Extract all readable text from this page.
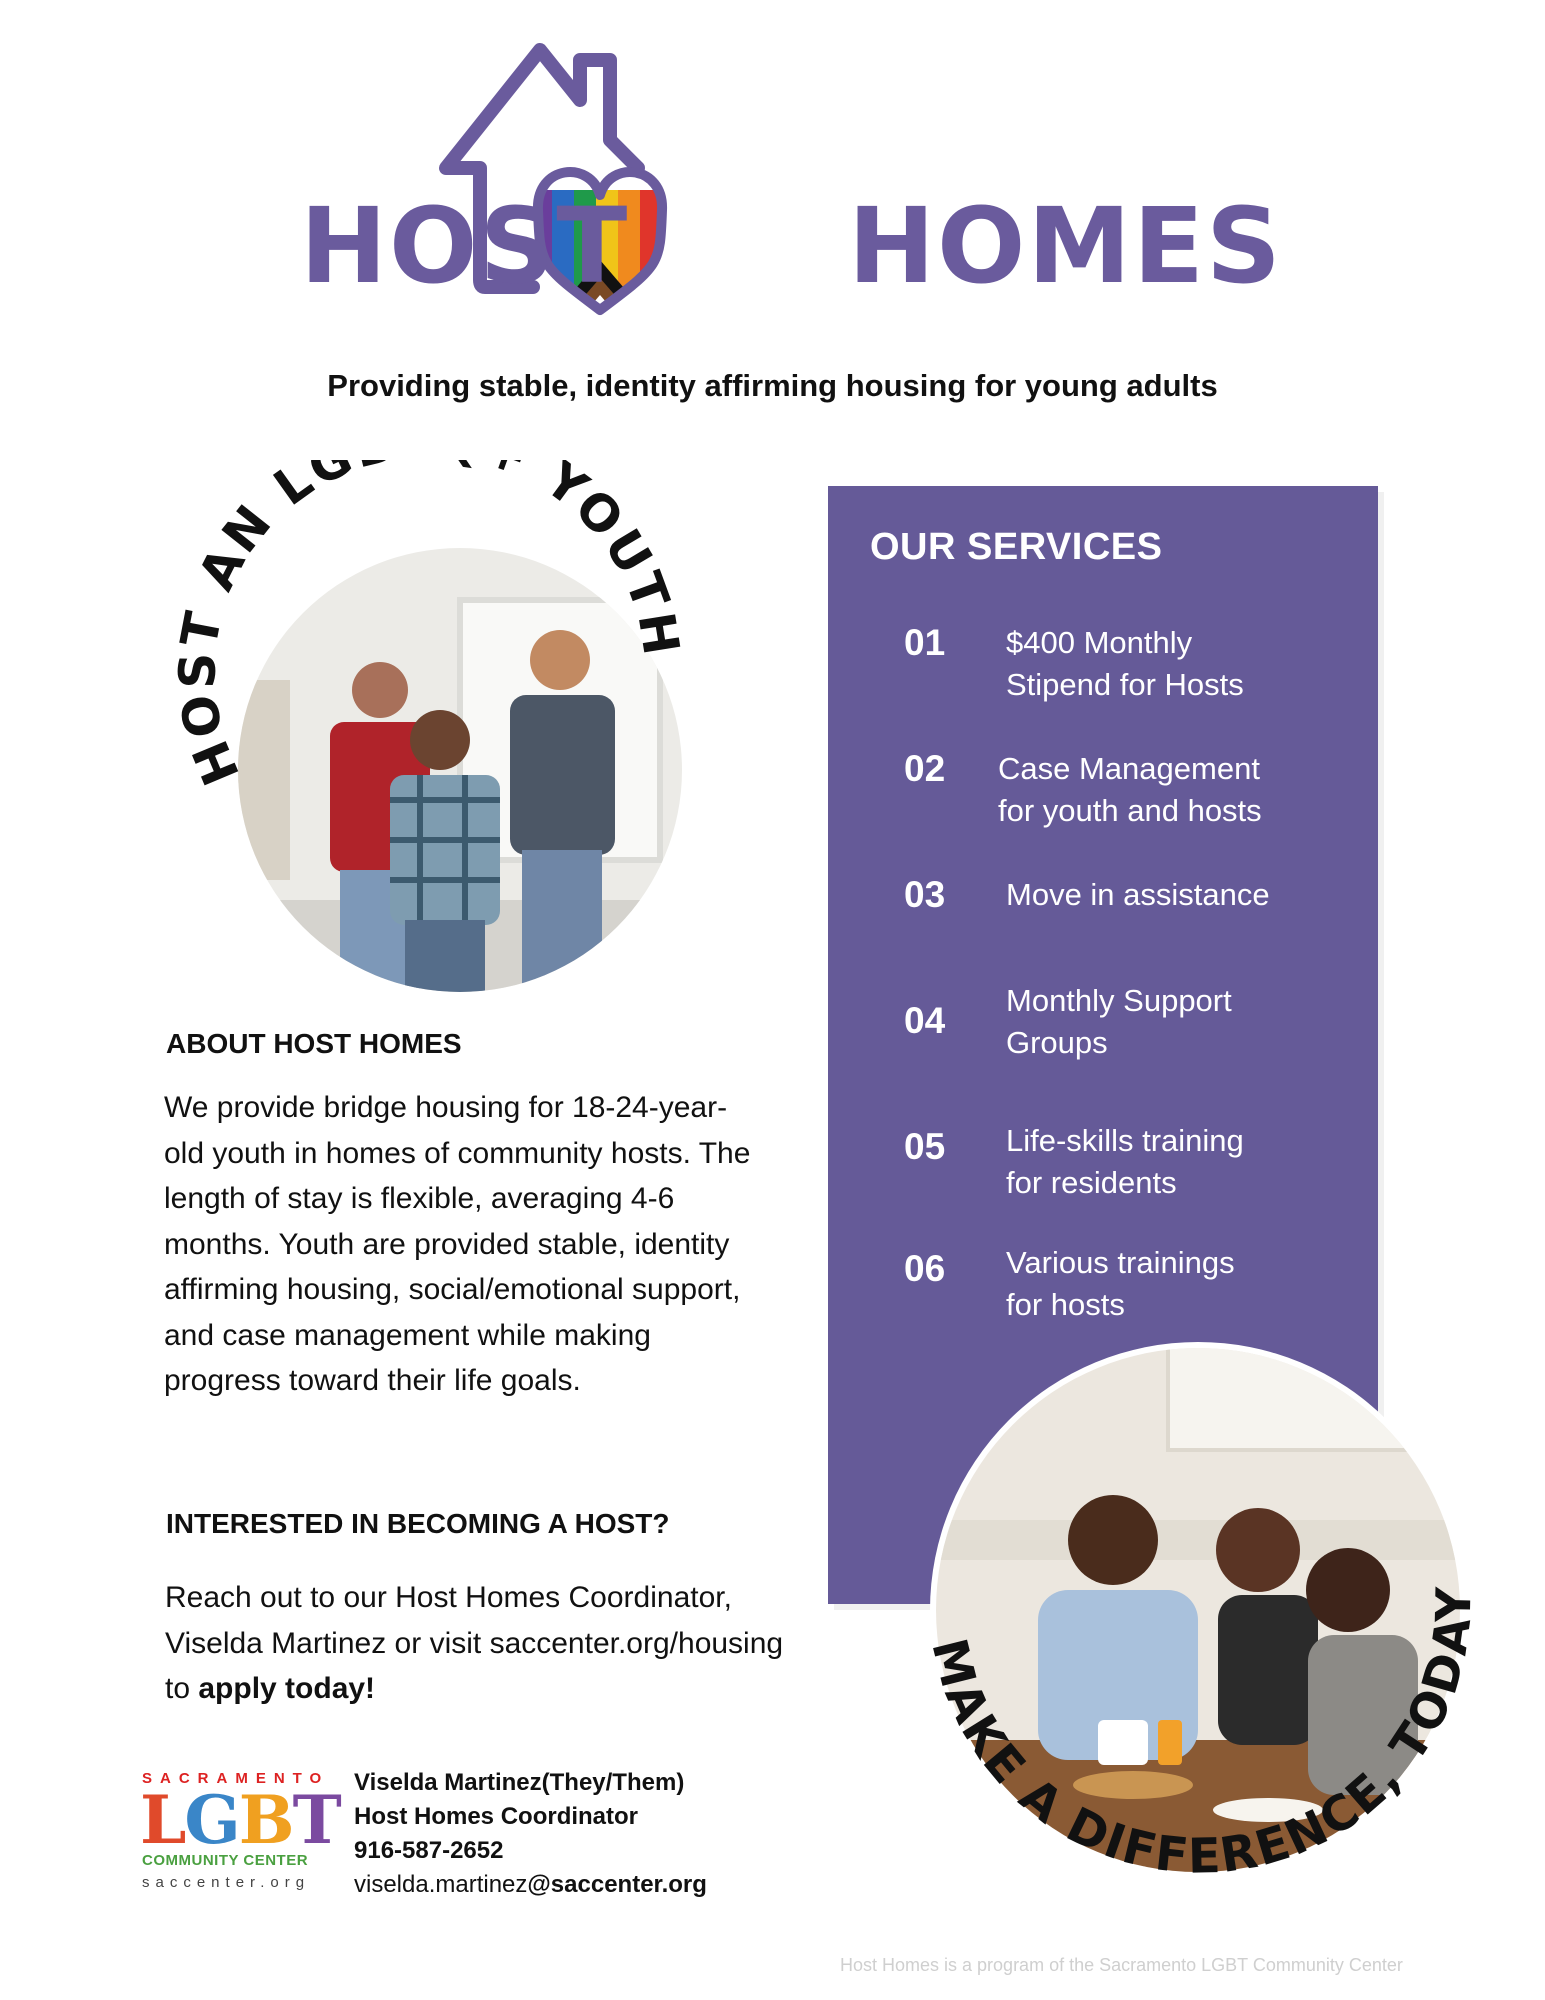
HOST HOMES
Providing stable, identity affirming housing for young adults
HOST AN LG YOUTH
OUR SERVICES
01 $400 Monthly
Stipend for Hosts
02 Case Management
for youth and hosts
03 Move in assistance
04 Monthly Support
Groups
05 Life-skills training
for residents
06 Various trainings
for hosts
ABOUT HOST HOMES
We provide bridge housing for 18-24-year-old youth in homes of community hosts. The length of stay is flexible, averaging 4-6 months. Youth are provided stable, identity affirming housing, social/emotional support, and case management while making progress toward their life goals.
INTERESTED IN BECOMING A HOST?
Reach out to our Host Homes Coordinator, Viselda Martinez or visit saccenter.org/housing to apply today!
SACRAMENTO
LGBT
COMMUNITY CENTER
saccenter.org
Viselda Martinez(They/Them)
Host Homes Coordinator
916-587-2652
viselda.martinez@saccenter.org
MAKE A DIFFERENCE, TODAY
Host Homes is a program of the Sacramento LGBT Community Center
